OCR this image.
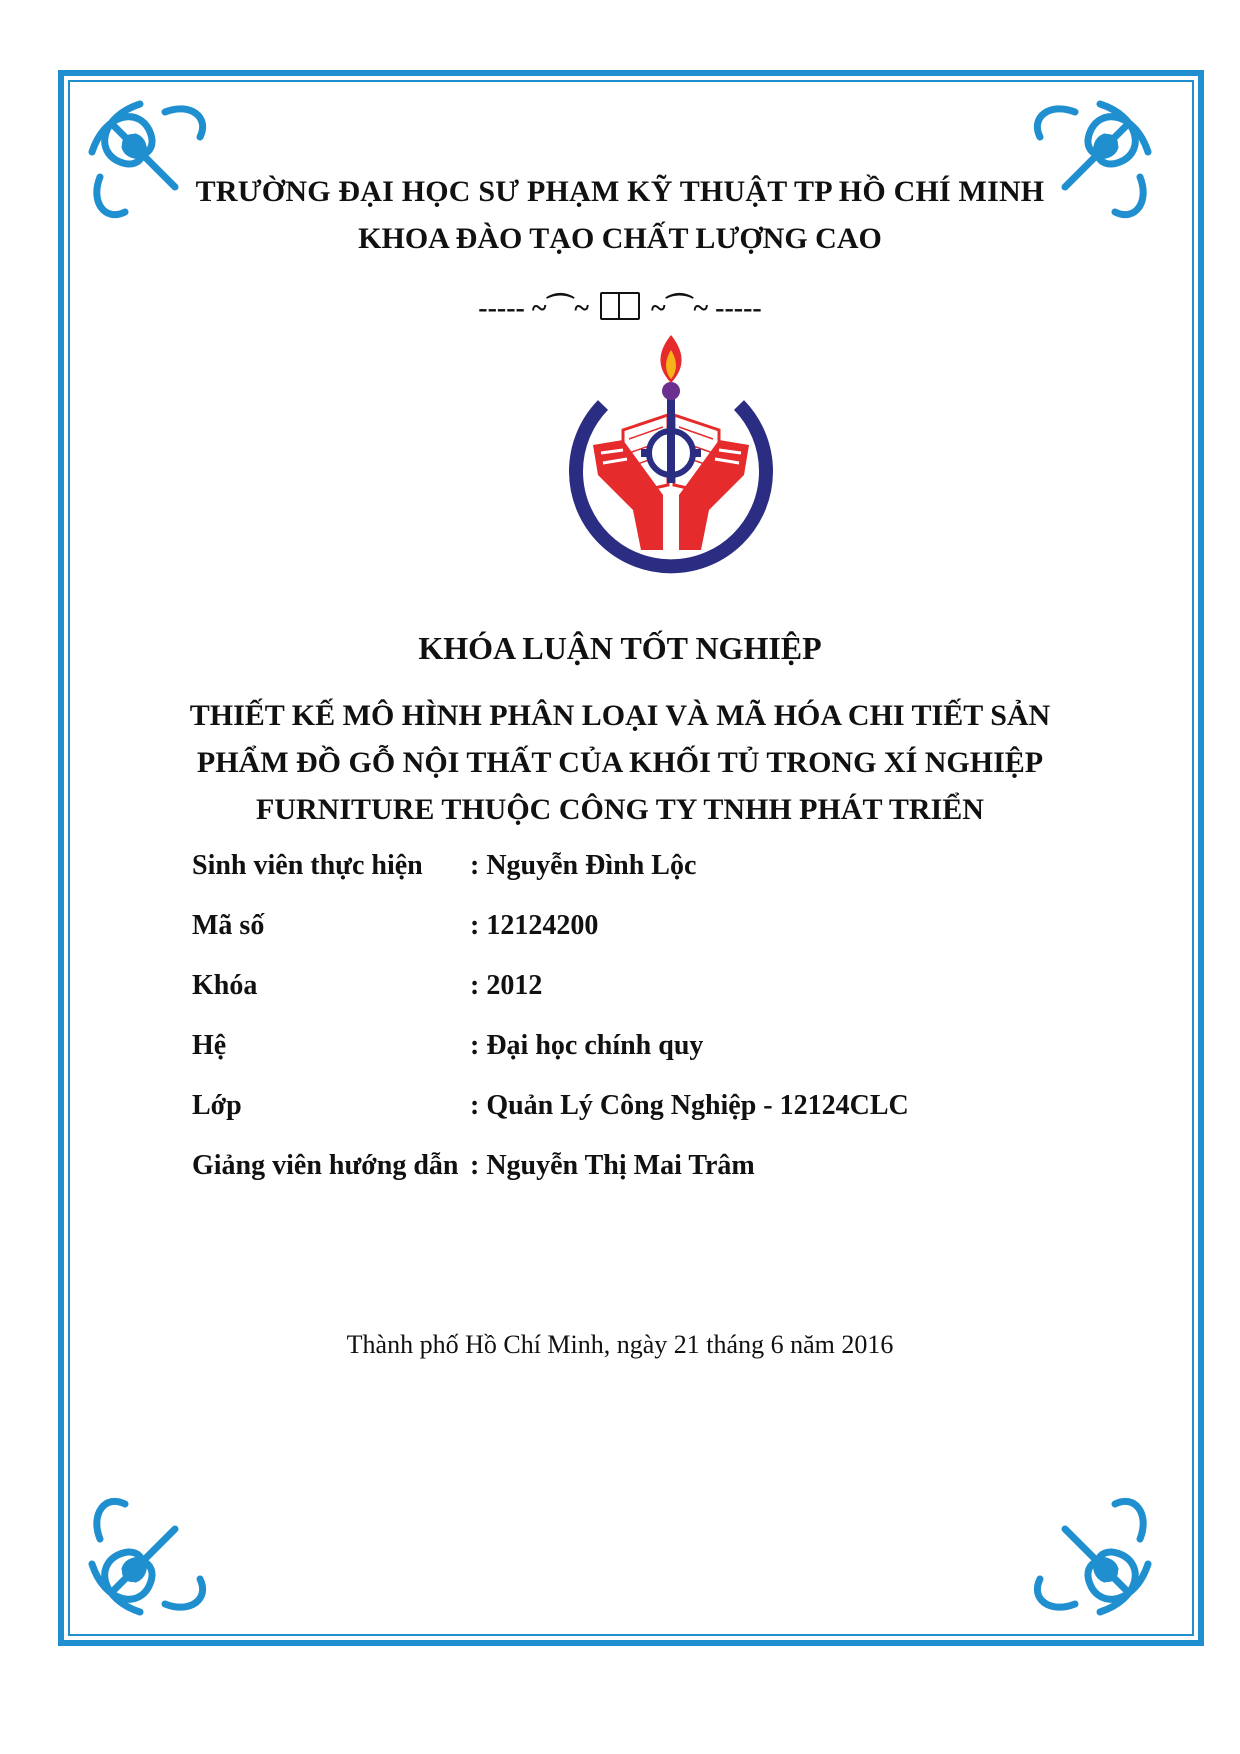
TRƯỜNG ĐẠI HỌC SƯ PHẠM KỸ THUẬT TP HỒ CHÍ MINH
KHOA ĐÀO TẠO CHẤT LƯỢNG CAO
----- ~⌒~ ~⌒~ -----
KHÓA LUẬN TỐT NGHIỆP
THIẾT KẾ MÔ HÌNH PHÂN LOẠI VÀ MÃ HÓA CHI TIẾT SẢN
PHẨM ĐỒ GỖ NỘI THẤT CỦA KHỐI TỦ TRONG XÍ NGHIỆP
FURNITURE THUỘC CÔNG TY TNHH PHÁT TRIỂN
Sinh viên thực hiện : Nguyễn Đình Lộc
Mã số	: 12124200
Khóa	: 2012
Hệ	: Đại học chính quy
Lớp	: Quản Lý Công Nghiệp - 12124CLC
Giảng viên hướng dẫn : Nguyễn Thị Mai Trâm
Thành phố Hồ Chí Minh, ngày 21 tháng 6 năm 2016
